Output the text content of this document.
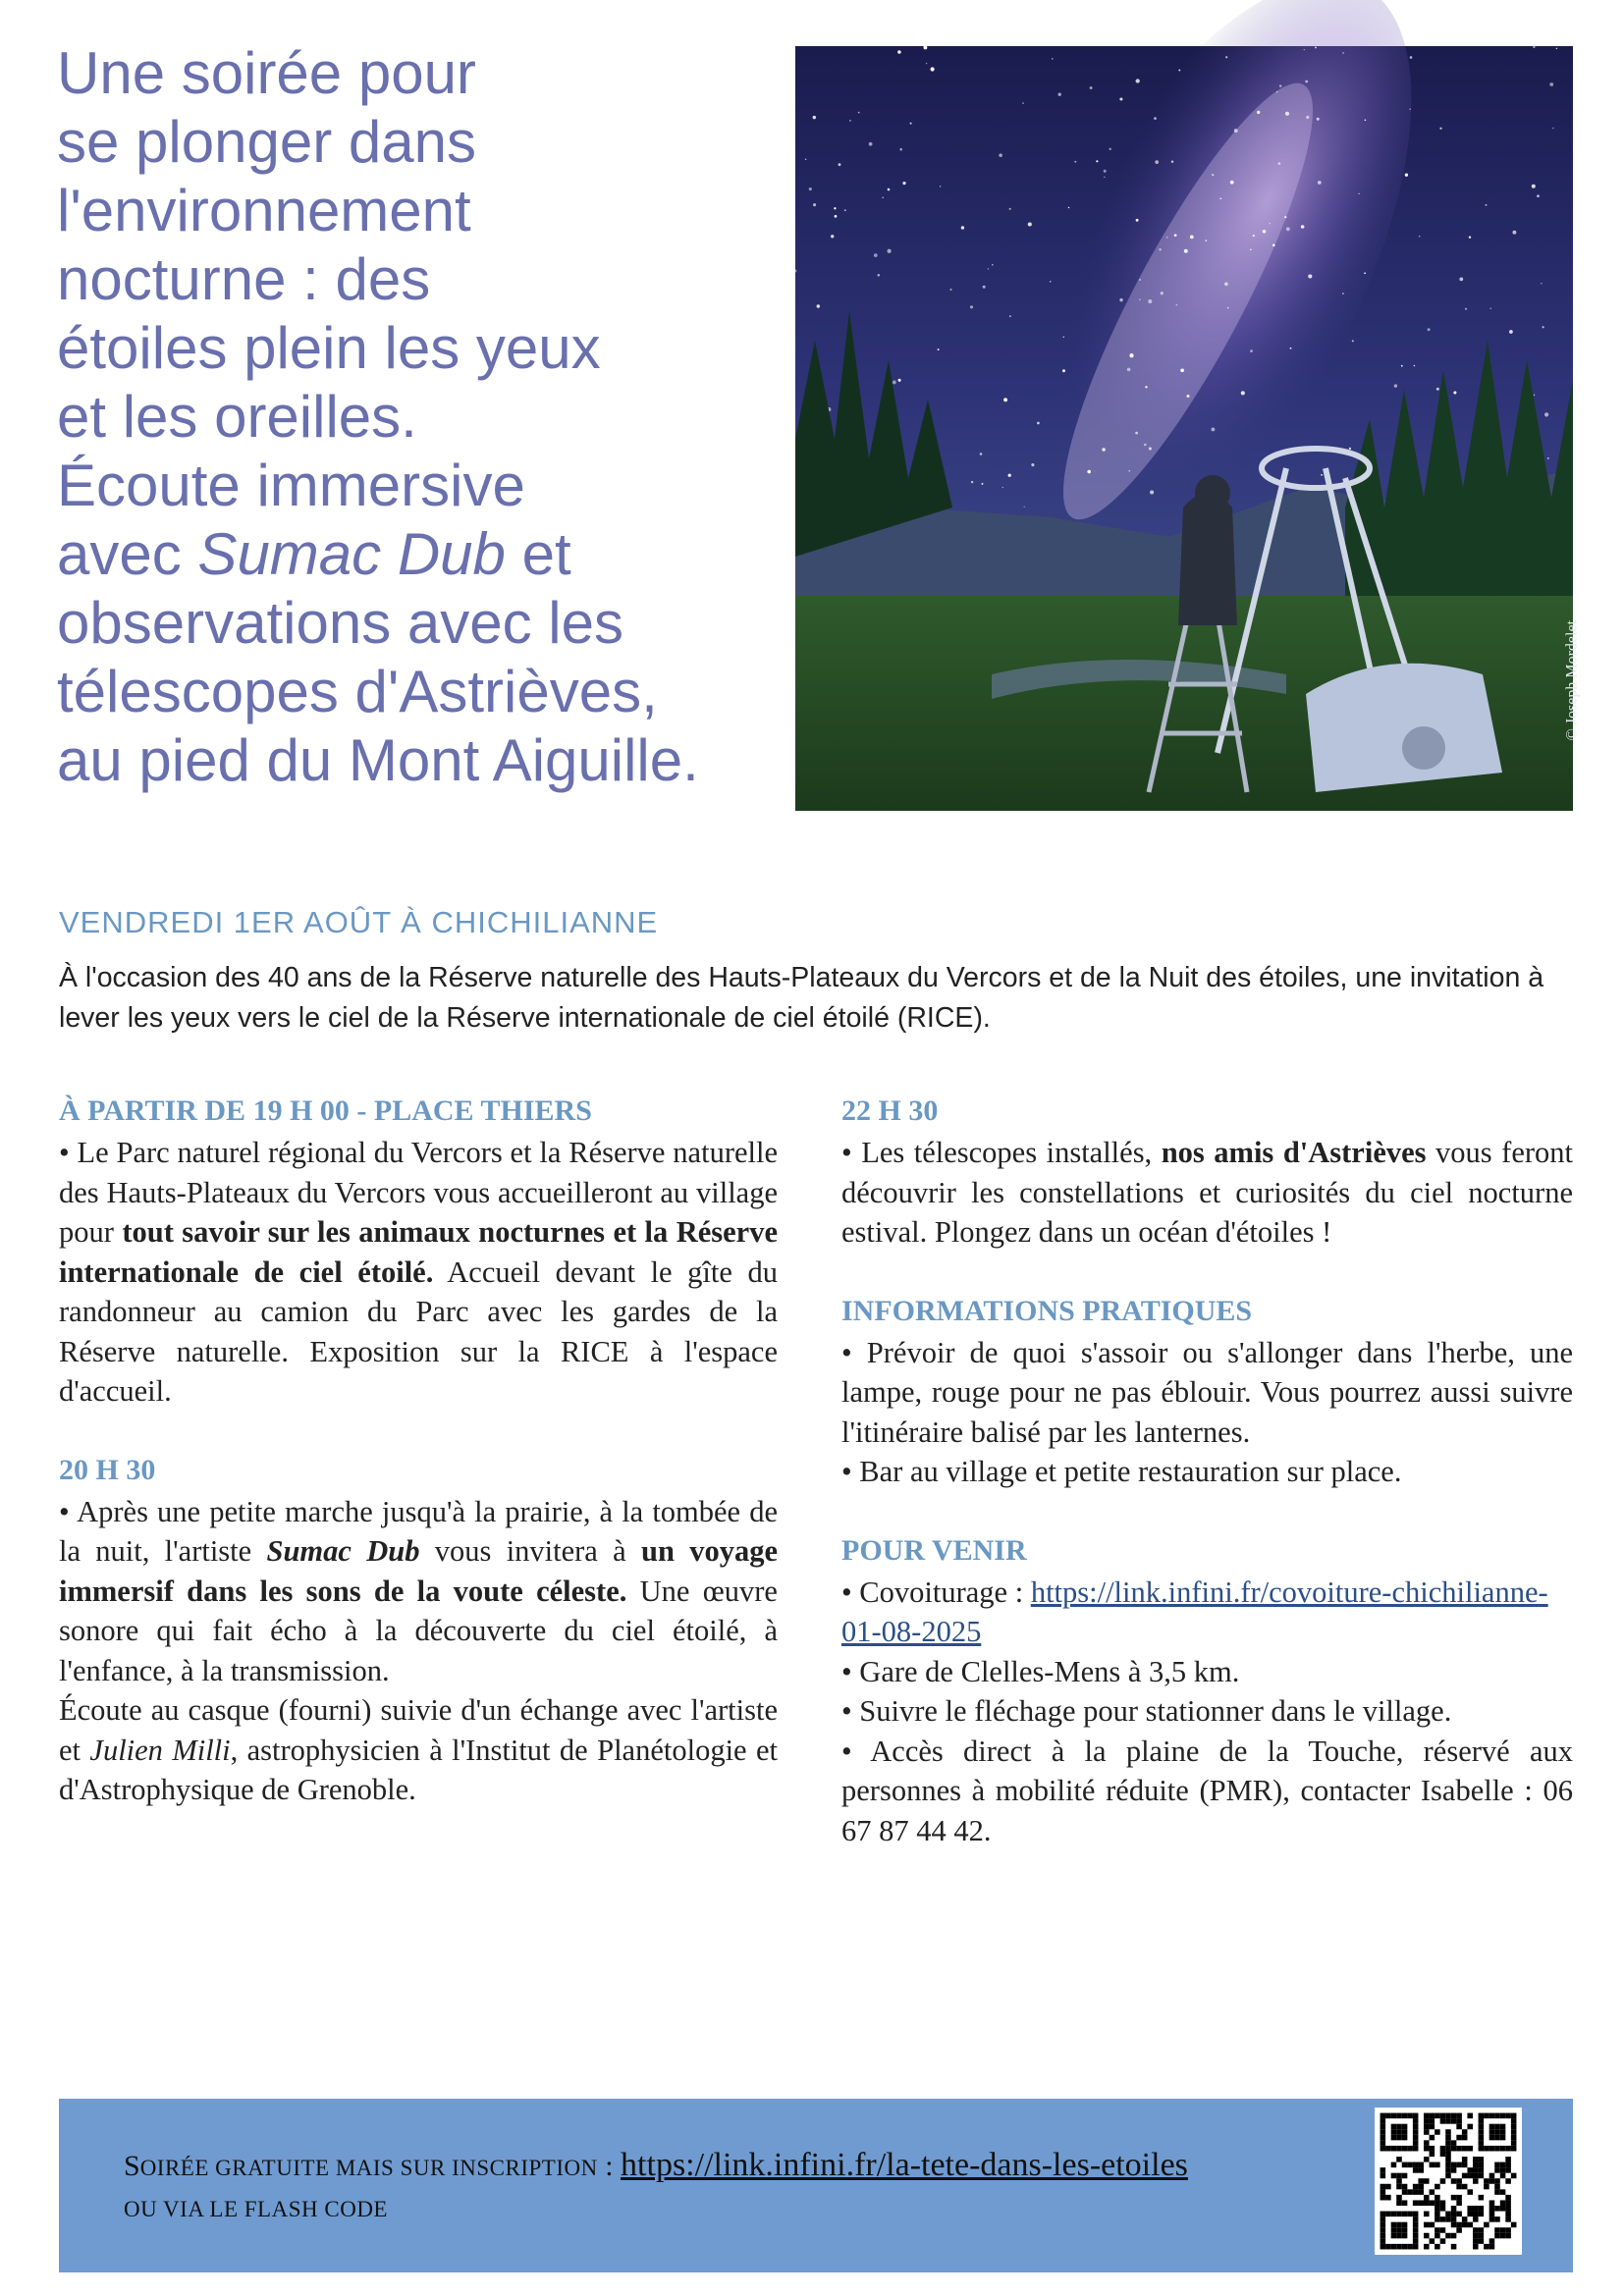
Une soirée pour
se plonger dans
l'environnement
nocturne : des
étoiles plein les yeux
et les oreilles.
Écoute immersive
avec Sumac Dub et
observations avec les
télescopes d'Astrièves,
au pied du Mont Aiguille.
© Joseph Mordelet
VENDREDI 1ER AOÛT À CHICHILIANNE

À l'occasion des 40 ans de la Réserve naturelle des Hauts-Plateaux du Vercors et de la Nuit des étoiles, une invitation à lever les yeux vers le ciel de la Réserve internationale de ciel étoilé (RICE).

À PARTIR DE 19 H 00 - PLACE THIERS

• Le Parc naturel régional du Vercors et la Réserve naturelle des Hauts-Plateaux du Vercors vous accueilleront au village pour tout savoir sur les animaux nocturnes et la Réserve internationale de ciel étoilé. Accueil devant le gîte du randonneur au camion du Parc avec les gardes de la Réserve naturelle. Exposition sur la RICE à l'espace d'accueil.

20 H 30

• Après une petite marche jusqu'à la prairie, à la tombée de la nuit, l'artiste Sumac Dub vous invitera à un voyage immersif dans les sons de la voute céleste. Une œuvre sonore qui fait écho à la découverte du ciel étoilé, à l'enfance, à la transmission.

Écoute au casque (fourni) suivie d'un échange avec l'artiste et Julien Milli, astrophysicien à l'Institut de Planétologie et d'Astrophysique de Grenoble.

22 H 30

• Les télescopes installés, nos amis d'Astrièves vous feront découvrir les constellations et curiosités du ciel nocturne estival. Plongez dans un océan d'étoiles !

INFORMATIONS PRATIQUES

• Prévoir de quoi s'assoir ou s'allonger dans l'herbe, une lampe, rouge pour ne pas éblouir. Vous pourrez aussi suivre l'itinéraire balisé par les lanternes.

• Bar au village et petite restauration sur place.

POUR VENIR

• Covoiturage : https://link.infini.fr/covoiture-chichilianne-01-08-2025

• Gare de Clelles-Mens à 3,5 km.

• Suivre le fléchage pour stationner dans le village.

• Accès direct à la plaine de la Touche, réservé aux personnes à mobilité réduite (PMR), contacter Isabelle : 06 67 87 44 42.

SOIRÉE GRATUITE MAIS SUR INSCRIPTION : https://link.infini.fr/la-tete-dans-les-etoiles
OU VIA LE FLASH CODE
